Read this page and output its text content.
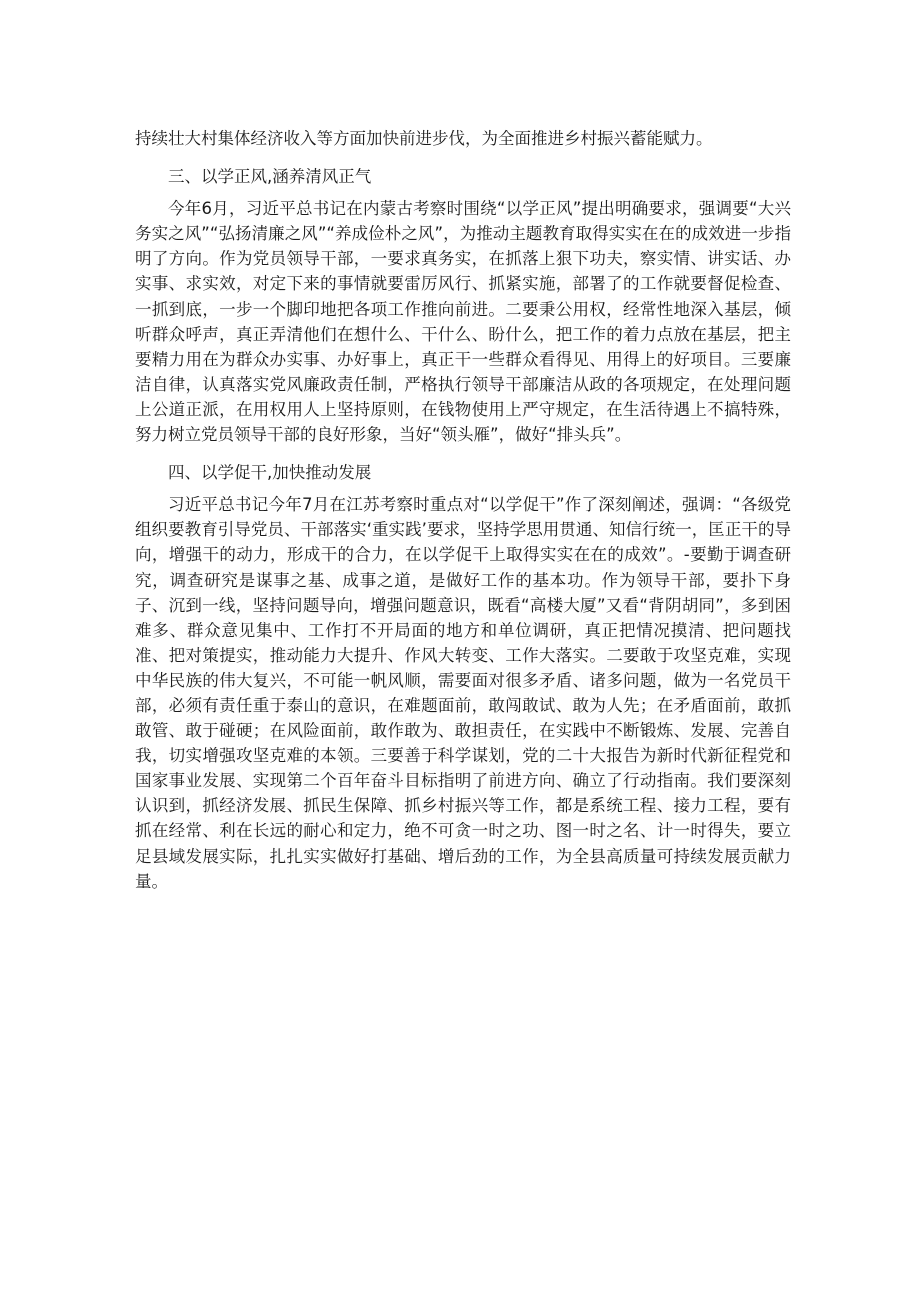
持续壮大村集体经济收入等方面加快前进步伐，为全面推进乡村振兴蓄能赋力。

三、以学正风,涵养清风正气

今年6月，习近平总书记在内蒙古考察时围绕“以学正风”提出明确要求，强调要“大兴务实之风”“弘扬清廉之风”“养成俭朴之风”，为推动主题教育取得实实在在的成效进一步指明了方向。作为党员领导干部，一要求真务实，在抓落上狠下功夫，察实情、讲实话、办实事、求实效，对定下来的事情就要雷厉风行、抓紧实施，部署了的工作就要督促检查、一抓到底，一步一个脚印地把各项工作推向前进。二要秉公用权，经常性地深入基层，倾听群众呼声，真正弄清他们在想什么、干什么、盼什么，把工作的着力点放在基层，把主要精力用在为群众办实事、办好事上，真正干一些群众看得见、用得上的好项目。三要廉洁自律，认真落实党风廉政责任制，严格执行领导干部廉洁从政的各项规定，在处理问题上公道正派，在用权用人上坚持原则，在钱物使用上严守规定，在生活待遇上不搞特殊，努力树立党员领导干部的良好形象，当好“领头雁”，做好“排头兵”。

四、以学促干,加快推动发展

习近平总书记今年7月在江苏考察时重点对“以学促干”作了深刻阐述，强调：“各级党组织要教育引导党员、干部落实‘重实践’要求，坚持学思用贯通、知信行统一，匡正干的导向，增强干的动力，形成干的合力，在以学促干上取得实实在在的成效”。-要勤于调查研究，调查研究是谋事之基、成事之道，是做好工作的基本功。作为领导干部，要扑下身子、沉到一线，坚持问题导向，增强问题意识，既看“高楼大厦”又看“背阴胡同”，多到困难多、群众意见集中、工作打不开局面的地方和单位调研，真正把情况摸清、把问题找准、把对策提实，推动能力大提升、作风大转变、工作大落实。二要敢于攻坚克难，实现中华民族的伟大复兴，不可能一帆风顺，需要面对很多矛盾、诸多问题，做为一名党员干部，必须有责任重于泰山的意识，在难题面前，敢闯敢试、敢为人先；在矛盾面前，敢抓敢管、敢于碰硬；在风险面前，敢作敢为、敢担责任，在实践中不断锻炼、发展、完善自我，切实增强攻坚克难的本领。三要善于科学谋划，党的二十大报告为新时代新征程党和国家事业发展、实现第二个百年奋斗目标指明了前进方向、确立了行动指南。我们要深刻认识到，抓经济发展、抓民生保障、抓乡村振兴等工作，都是系统工程、接力工程，要有抓在经常、利在长远的耐心和定力，绝不可贪一时之功、图一时之名、计一时得失，要立足县域发展实际，扎扎实实做好打基础、增后劲的工作，为全县高质量可持续发展贡献力量。
